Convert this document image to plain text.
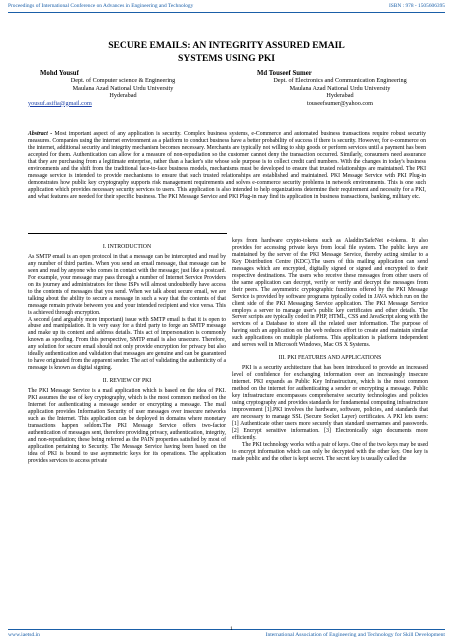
Proceedings of International Conference on Advances in Engineering and Technology	ISBN : 978 - 1505606395
SECURE EMAILS: AN INTEGRITY ASSURED EMAIL
SYSTEMS USING PKI
Mohd Yousuf
Dept. of Computer science & Engineering
Maulana Azad National Urdu University
Hyderabad
yousuf.asifia@gmail.com
Md Touseef Sumer
Dept. of Electronics and Communication Engineering
Maulana Azad National Urdu University
Hyderabad
touseefsumer@yahoo.com
Abstract - Most important aspect of any application is security. Complex business systems, e-Commerce and automated business transactions require robust security measures. Companies using the internet environment as a platform to conduct business have a better probability of success if there is security. However, for e-commerce on the internet, additional security and integrity mechanism becomes necessary. Merchants are typically not willing to ship goods or perform services until a payment has been accepted for them. Authentication can allow for a measure of non-repudiation so the customer cannot deny the transaction occurred. Similarly, consumers need assurance that they are purchasing from a legitimate enterprise, rather than a hacker's site whose sole purpose is to collect credit card numbers. With the changes in today's business environments and the shift from the traditional face-to-face business models, mechanisms must be developed to ensure that trusted relationships are maintained. The PKI message service is intended to provide mechanisms to ensure that such trusted relationships are established and maintained. PKI Message Service with PKI Plug-in demonstrates how public key cryptography supports risk management requirements and solves e-commerce security problems in network environments. This is one such application which provides necessary security services to users. This application is also intended to help organizations determine their requirement and necessity for a PKI, and what features are needed for their specific business. The PKI Message Service and PKI Plug-in may find its application in business transactions, banking, military etc.
I. INTRODUCTION

As SMTP email is an open protocol in that a message can be intercepted and read by any number of third parties. When you send an email message, that message can be seen and read by anyone who comes in contact with the message; just like a postcard. For example, your message may pass through a number of Internet Service Providers on its journey and administrators for these ISPs will almost undoubtedly have access to the contents of messages that you send. When we talk about secure email, we are talking about the ability to secure a message in such a way that the contents of that message remain private between you and your intended recipient and vice versa. This is achieved through encryption.

A second (and arguably more important) issue with SMTP email is that it is open to abuse and manipulation. It is very easy for a third party to forge an SMTP message and make up its content and address details. This act of impersonation is commonly known as spoofing. From this perspective, SMTP email is also unsecure. Therefore, any solution for secure email should not only provide encryption for privacy but also ideally authentication and validation that messages are genuine and can be guaranteed to have originated from the apparent sender. The act of validating the authenticity of a message is known as digital signing.

II. REVIEW OF PKI

The PKI Message Service is a mail application which is based on the idea of PKI. PKI assumes the use of key cryptography, which is the most common method on the Internet for authenticating a message sender or encrypting a message. The mail application provides Information Security of user messages over insecure networks such as the Internet. This application can be deployed in domains where monetary transactions happen seldom.The PKI Message Service offers two-factor authentication of messages sent, therefore providing privacy, authentication, integrity, and non-repudiation; these being referred as the PAIN properties satisfied by most of application pertaining to Security. The Message Service having been based on the idea of PKI is bound to use asymmetric keys for its operations. The application provides services to access private

keys from hardware crypto-tokens such as Aladdin/SafeNet e-tokens. It also provides for accessing private keys from local file system. The public keys are maintained by the server of the PKI Message Service, thereby acting similar to a Key Distribution Centre (KDC).The users of this mailing application can send messages which are encrypted, digitally signed or signed and encrypted to their respective destinations. The users who receive these messages from other users of the same application can decrypt, verify or verify and decrypt the messages from their peers. The asymmetric cryptographic functions offered by the PKI Message Service is provided by software programs typically coded in JAVA which run on the client side of the PKI Messaging Service application. The PKI Message Service employs a server to manage user's public key certificates and other details. The Server scripts are typically coded in PHP, HTML, CSS and JavaScript along with the services of a Database to store all the related user information. The purpose of having such an application on the web reduces effort to create and maintain similar such applications on multiple platforms. This application is platform independent and serves well in Microsoft Windows, Mac OS X Systems.

III. PKI FEATURES AND APPLICATIONS

PKI is a security architecture that has been introduced to provide an increased level of confidence for exchanging information over an increasingly insecure internet. PKI expands as Public Key Infrastructure, which is the most common method on the internet for authenticating a sender or encrypting a message. Public key infrastructure encompasses comprehensive security technologies and policies using cryptography and provides standards for fundamental computing infrastructure improvement [1].PKI involves the hardware, software, policies, and standards that are necessary to manage SSL (Secure Socket Layer) certificates. A PKI lets users: [1] Authenticate other users more securely than standard usernames and passwords. [2] Encrypt sensitive information. [3] Electronically sign documents more efficiently.

The PKI technology works with a pair of keys. One of the two keys may be used to encrypt information which can only be decrypted with the other key. One key is made public and the other is kept secret. The secret key is usually called the

www.iaetsd.in
1
International Association of Engineering and Technology for Skill Development
